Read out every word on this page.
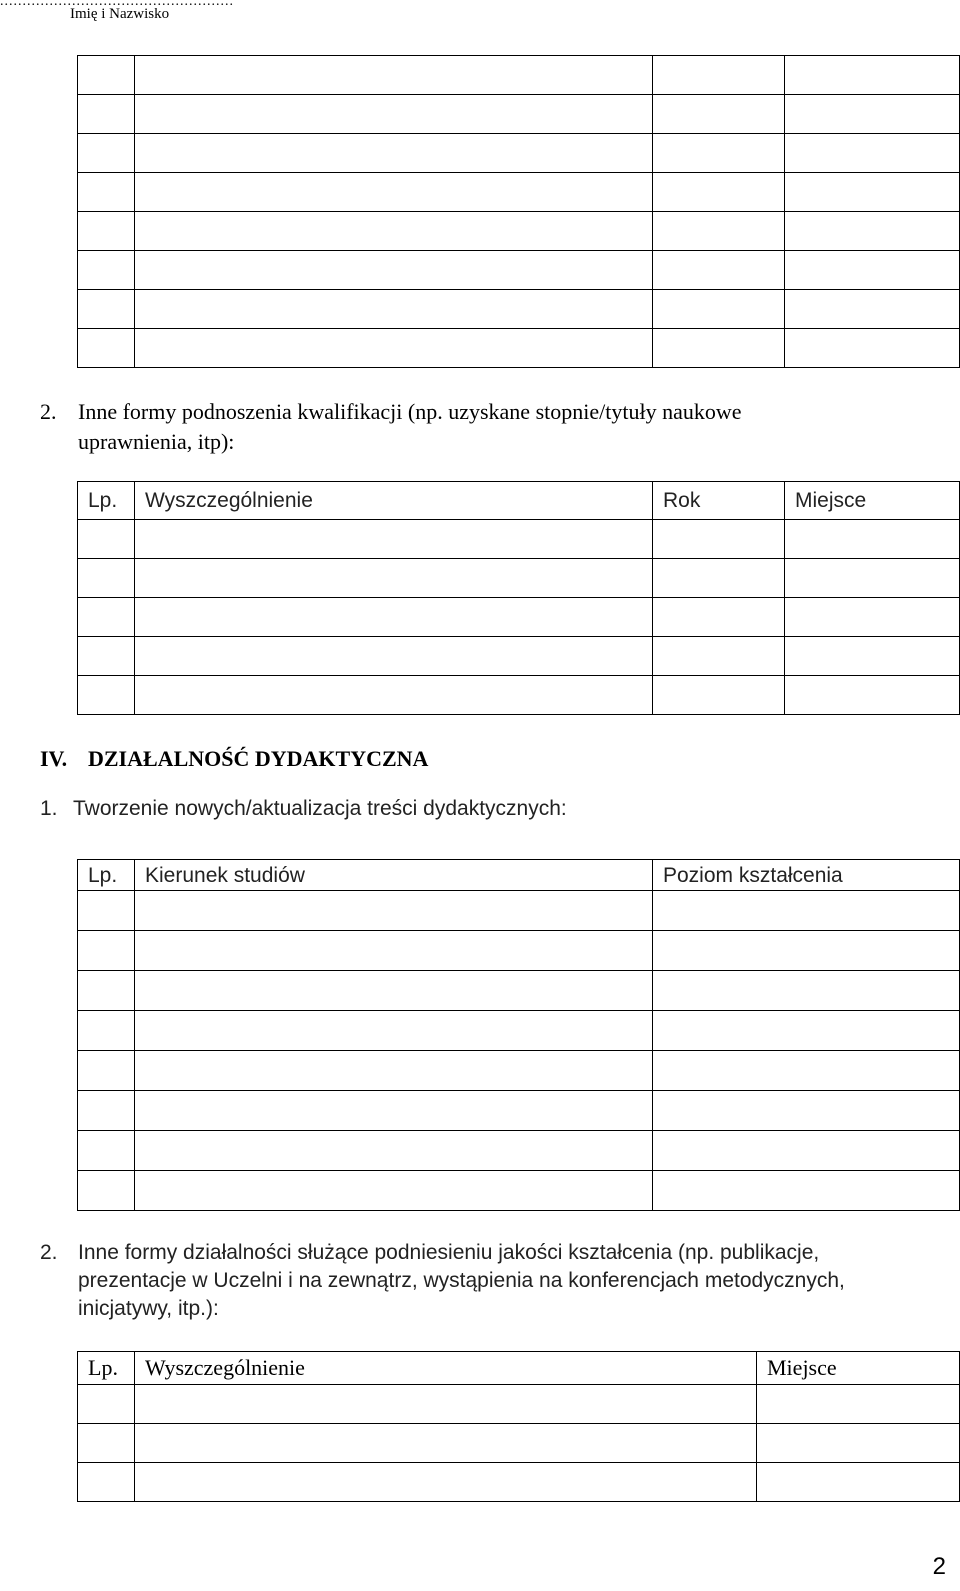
....................................................
Imię i Nazwisko

2. Inne formy podnoszenia kwalifikacji (np. uzyskane stopnie/tytuły naukowe
uprawnienia, itp):
Lp.	Wyszczególnienie	Rok	Miejsce

IV. DZIAŁALNOŚĆ DYDAKTYCZNA
1. Tworzenie nowych/aktualizacja treści dydaktycznych:
Lp.	Kierunek studiów	Poziom kształcenia

2. Inne formy działalności służące podniesieniu jakości kształcenia (np. publikacje,
prezentacje w Uczelni i na zewnątrz, wystąpienia na konferencjach metodycznych,
inicjatywy, itp.):
Lp.	Wyszczególnienie	Miejsce

2
